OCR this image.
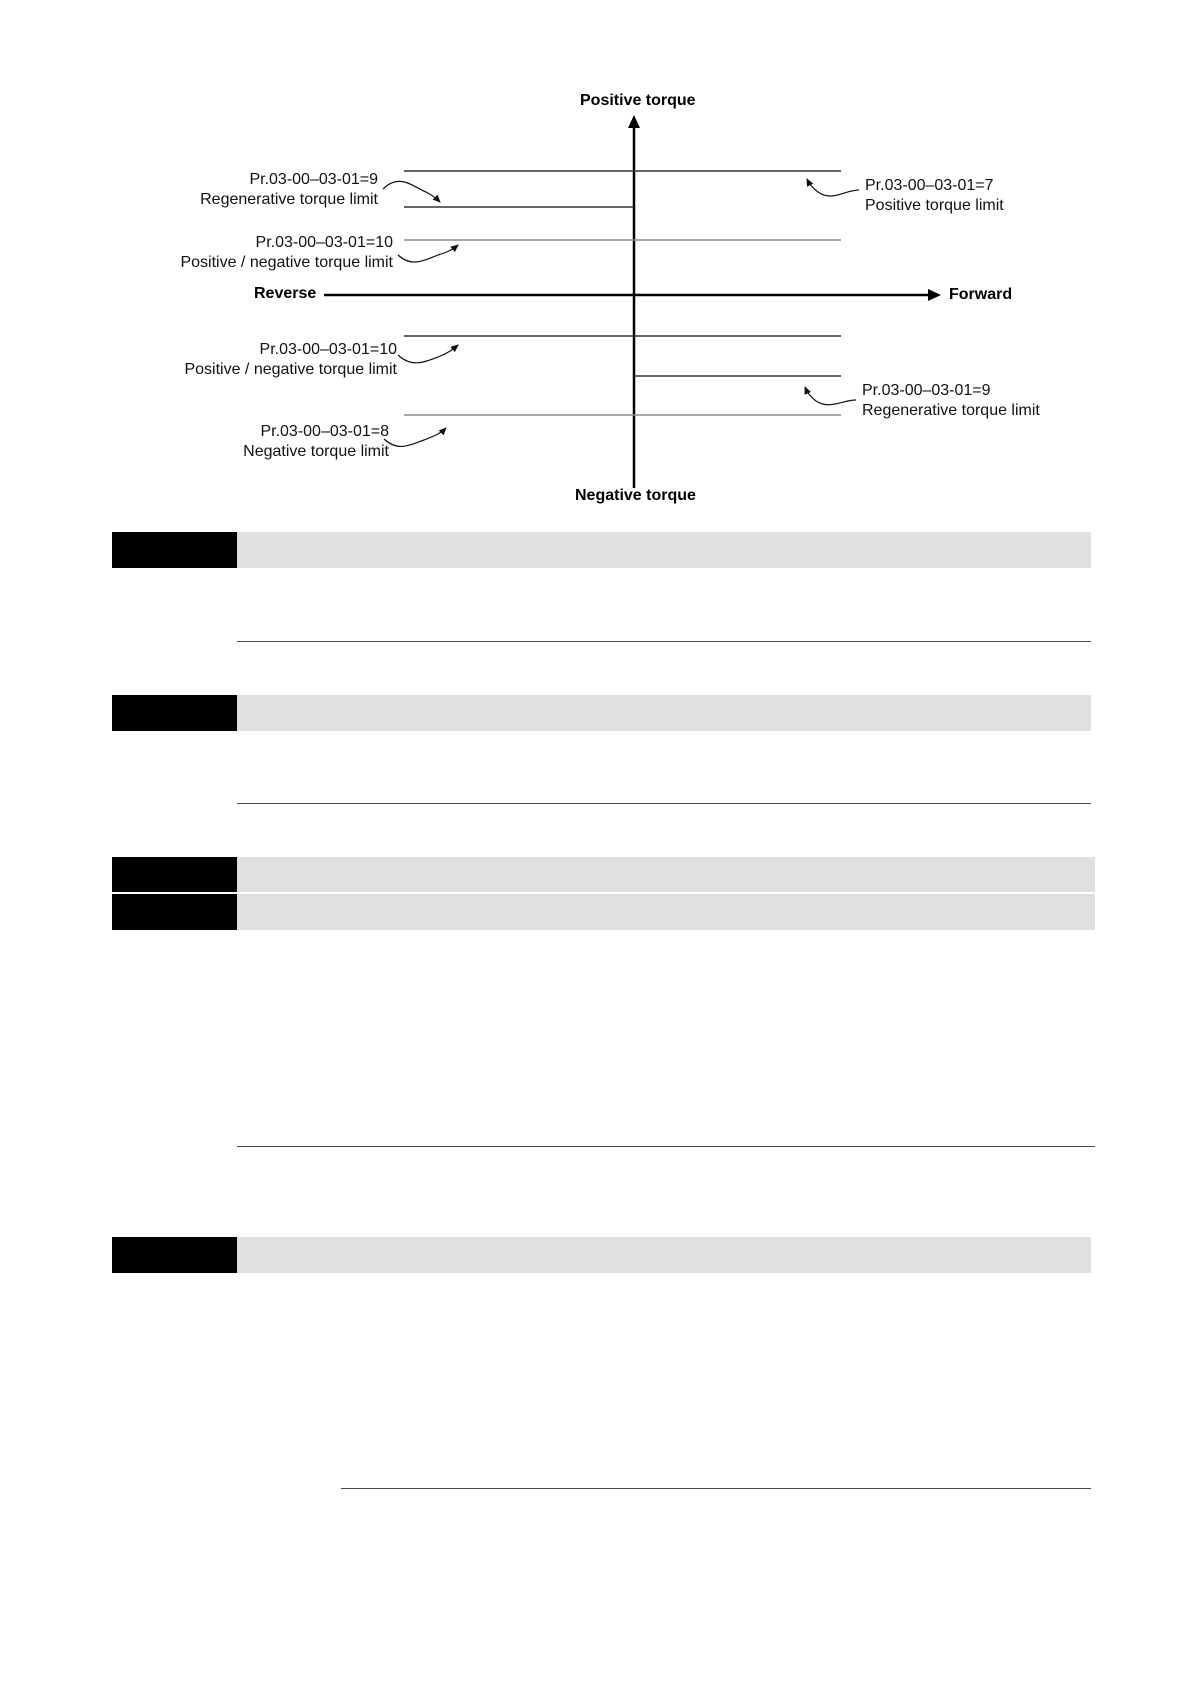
Positive torque
Negative torque
Reverse	Forward
Pr.03-00–03-01=9
Regenerative torque limit
Pr.03-00–03-01=10
Positive / negative torque limit
Pr.03-00–03-01=7
Positive torque limit
Pr.03-00–03-01=10
Positive / negative torque limit
Pr.03-00–03-01=9
Regenerative torque limit
Pr.03-00–03-01=8
Negative torque limit
